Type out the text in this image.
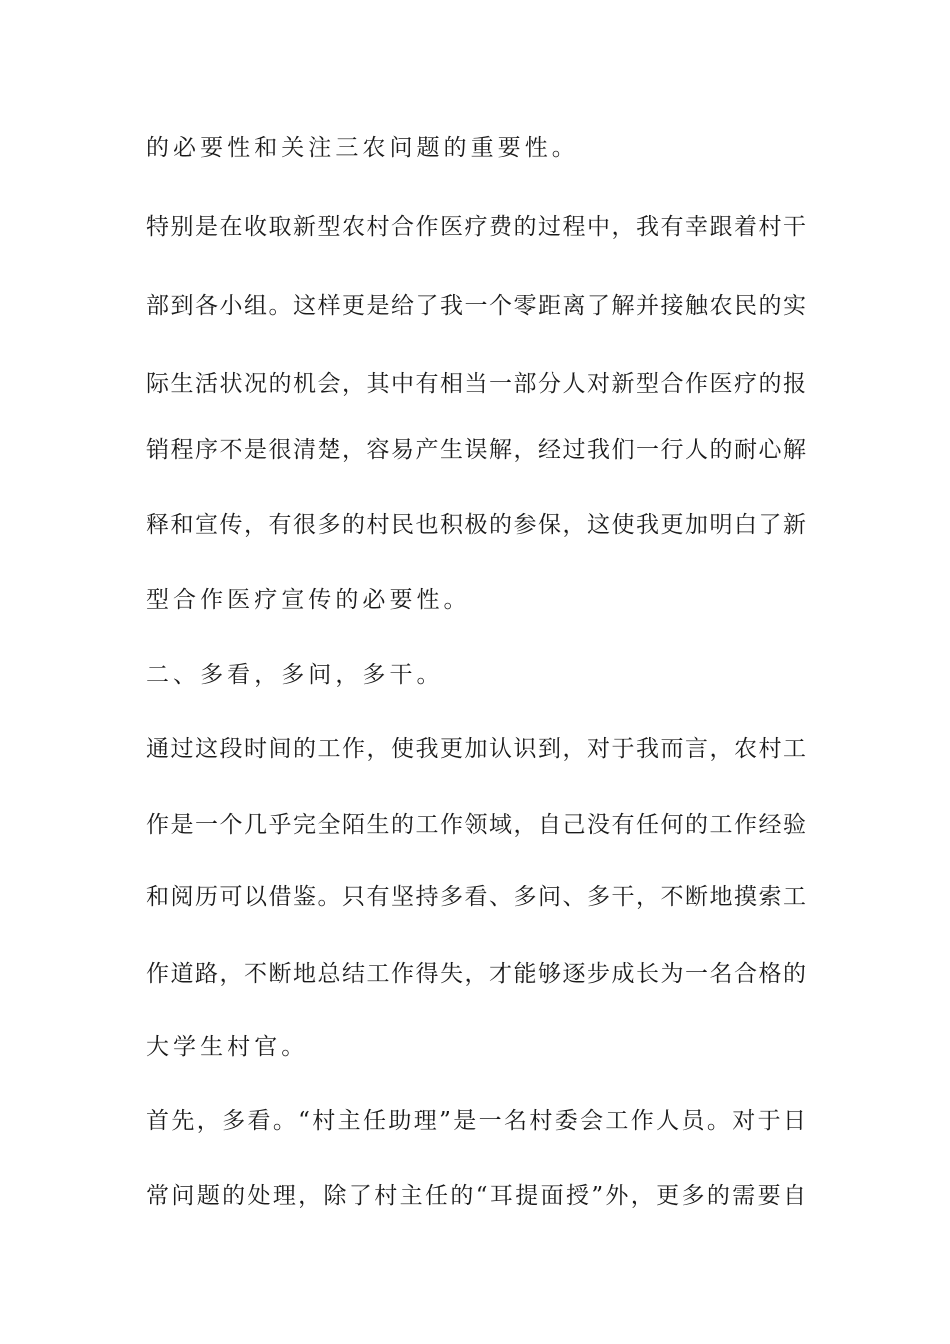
的必要性和关注三农问题的重要性。
特别是在收取新型农村合作医疗费的过程中，我有幸跟着村干
部到各小组。这样更是给了我一个零距离了解并接触农民的实
际生活状况的机会，其中有相当一部分人对新型合作医疗的报
销程序不是很清楚，容易产生误解，经过我们一行人的耐心解
释和宣传，有很多的村民也积极的参保，这使我更加明白了新
型合作医疗宣传的必要性。
二、多看，多问，多干。
通过这段时间的工作，使我更加认识到，对于我而言，农村工
作是一个几乎完全陌生的工作领域，自己没有任何的工作经验
和阅历可以借鉴。只有坚持多看、多问、多干，不断地摸索工
作道路，不断地总结工作得失，才能够逐步成长为一名合格的
大学生村官。
首先，多看。“村主任助理”是一名村委会工作人员。对于日
常问题的处理，除了村主任的“耳提面授”外，更多的需要自
